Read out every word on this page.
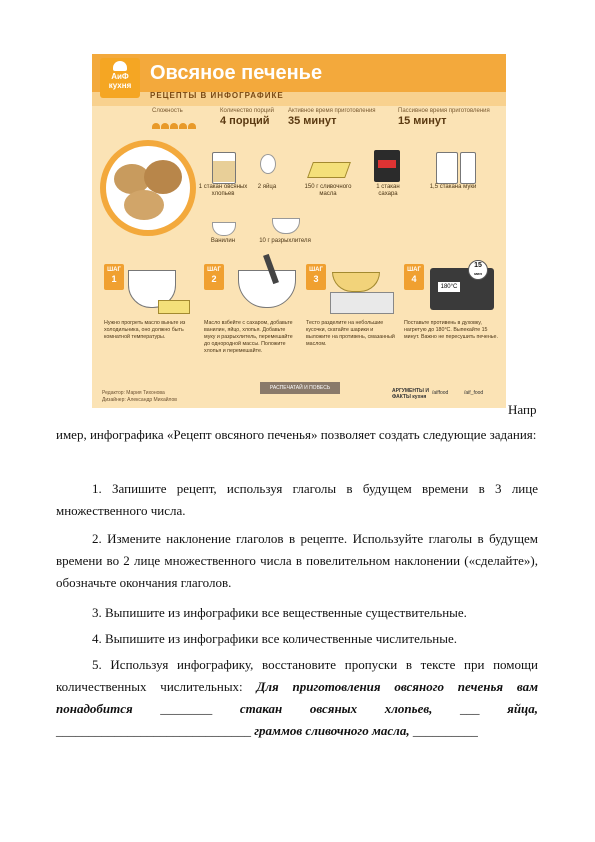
АиФ
кухня
Овсяное печенье
РЕЦЕПТЫ В ИНФОГРАФИКЕ
Сложность	Количество порций
4 порций
Активное время приготовления
35 минут
Пассивное время приготовления
15 минут
1 стакан овсяных хлопьев
2 яйца	150 г сливочного масла
1 стакан сахара
1,5 стакана муки
Ванилин	10 г разрыхлителя
ШАГ
1
Нужно прогреть масло выньте из холодильника, оно должно быть комнатной температуры.
ШАГ
2
Масло взбейте с сахаром, добавьте ванилин, яйцо, хлопья. Добавьте муку и разрыхлитель, перемешайте до однородной массы. Положите хлопья и перемешайте.
ШАГ
3
Тесто разделите на небольшие кусочки, скатайте шарики и выложите на противень, смазанный маслом.
ШАГ
4
180°С
15
мин
Поставьте противень в духовку, нагретую до 180°С. Выпекайте 15 минут. Важно не пересушить печенье.
Редактор: Мария Тихонова
Дизайнер: Александр Михайлов
РАСПЕЧАТАЙ И ПОВЕСЬ	АРГУМЕНТЫ И ФАКТЫ кухня
/aiffood	/aif_food
Напр
имер, инфографика «Рецепт овсяного печенья» позволяет создать следующие задания:
1. Запишите рецепт, используя глаголы в будущем времени в 3 лице множественного числа.
2. Измените наклонение глаголов в рецепте. Используйте глаголы в будущем времени во 2 лице множественного числа в повелительном наклонении («сделайте»), обозначьте окончания глаголов.
3. Выпишите из инфографики все вещественные существительные.
4. Выпишите из инфографики все количественные числительные.
5. Используя инфографику, восстановите пропуски в тексте при помощи количественных числительных: Для приготовления овсяного печенья вам понадобится ________ стакан овсяных хлопьев, ___ яйца, ______________________________ граммов сливочного масла, __________
